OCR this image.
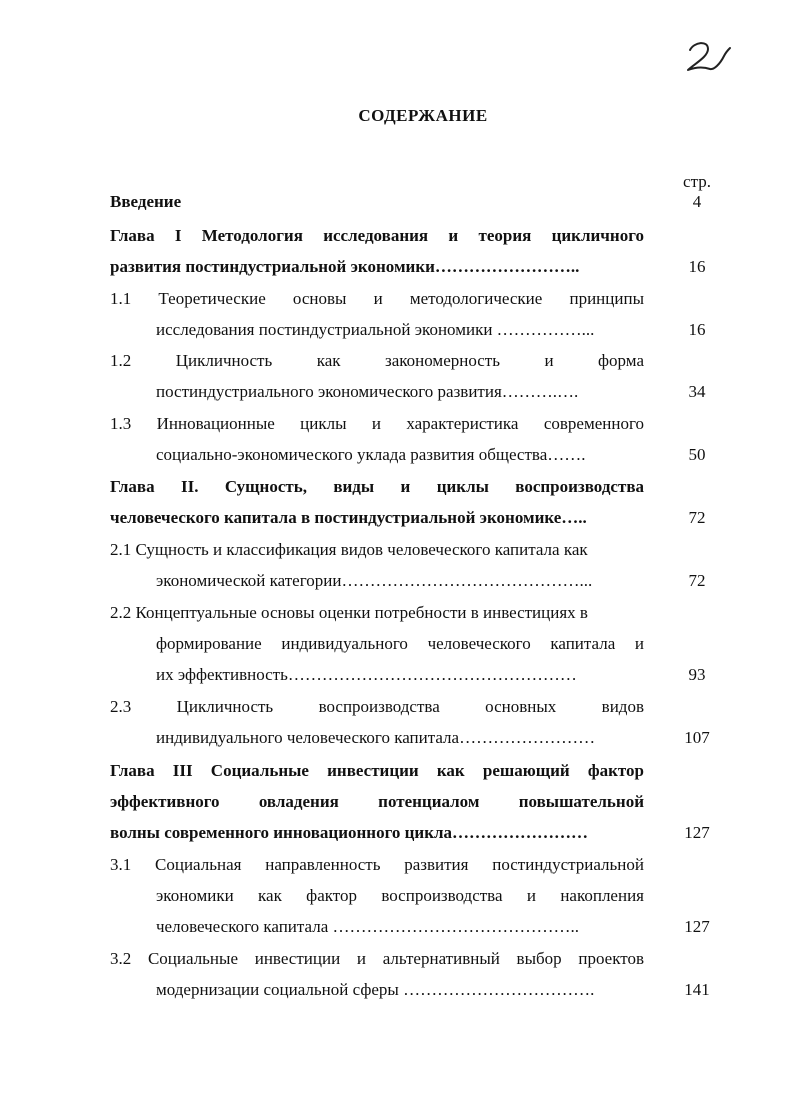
СОДЕРЖАНИЕ
стр.
Введение	4
Глава I Методология исследования и теория цикличного
развития постиндустриальной экономики……………………..	16
1.1 Теоретические основы и методологические принципы
исследования постиндустриальной экономики ……………...	16
1.2 Цикличность как закономерность и форма
постиндустриального экономического развития……….….	34
1.3 Инновационные циклы и характеристика современного
социально-экономического уклада развития общества…….	50
Глава II. Сущность, виды и циклы воспроизводства
человеческого капитала в постиндустриальной экономике…..	72
2.1 Сущность и классификация видов человеческого капитала как
экономической категории……………………………………...	72
2.2 Концептуальные основы оценки потребности в инвестициях в
формирование индивидуального человеческого капитала и
их эффективность……………………………………………	93
2.3 Цикличность воспроизводства основных видов
индивидуального человеческого капитала……………………	107
Глава III Социальные инвестиции как решающий фактор
эффективного овладения потенциалом повышательной
волны современного инновационного цикла……………………	127
3.1 Социальная направленность развития постиндустриальной
экономики как фактор воспроизводства и накопления
человеческого капитала ……………………………………..	127
3.2 Социальные инвестиции и альтернативный выбор проектов
модернизации социальной сферы …………………………….	141
